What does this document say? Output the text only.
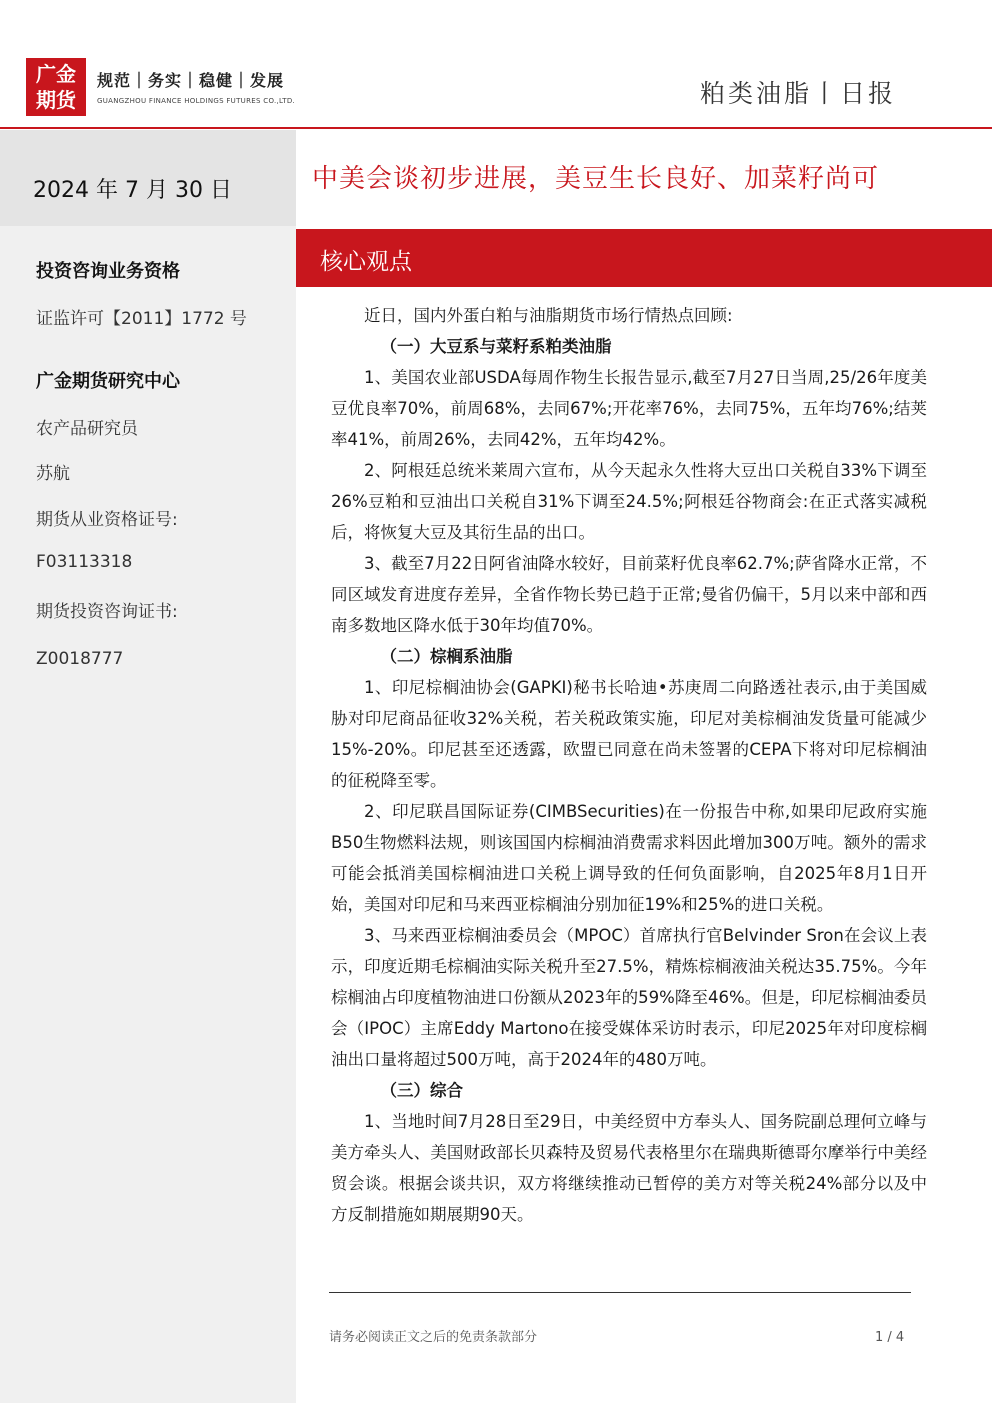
广金
期货
规范｜务实｜稳健｜发展
GUANGZHOU FINANCE HOLDINGS FUTURES CO.,LTD.	粕类油脂丨日报
2024 年 7 月 30 日
投资咨询业务资格
证监许可【2011】1772 号
广金期货研究中心
农产品研究员
苏航
期货从业资格证号:
F03113318
期货投资咨询证书:
Z0018777
中美会谈初步进展，美豆生长良好、加菜籽尚可
核心观点

近日，国内外蛋白粕与油脂期货市场行情热点回顾:

（一）大豆系与菜籽系粕类油脂

1、美国农业部USDA每周作物生长报告显示,截至7月27日当周,25/26年度美豆优良率70%，前周68%，去同67%;开花率76%，去同75%，五年均76%;结荚率41%，前周26%，去同42%，五年均42%。

2、阿根廷总统米莱周六宣布，从今天起永久性将大豆出口关税自33%下调至26%豆粕和豆油出口关税自31%下调至24.5%;阿根廷谷物商会:在正式落实减税后，将恢复大豆及其衍生品的出口。

3、截至7月22日阿省油降水较好，目前菜籽优良率62.7%;萨省降水正常，不同区域发育进度存差异，全省作物长势已趋于正常;曼省仍偏干，5月以来中部和西南多数地区降水低于30年均值70%。

（二）棕榈系油脂

1、印尼棕榈油协会(GAPKI)秘书长哈迪•苏庚周二向路透社表示,由于美国威胁对印尼商品征收32%关税，若关税政策实施，印尼对美棕榈油发货量可能减少15%-20%。印尼甚至还透露，欧盟已同意在尚未签署的CEPA下将对印尼棕榈油的征税降至零。

2、印尼联昌国际证券(CIMBSecurities)在一份报告中称,如果印尼政府实施B50生物燃料法规，则该国国内棕榈油消费需求料因此增加300万吨。额外的需求可能会抵消美国棕榈油进口关税上调导致的任何负面影响，自2025年8月1日开始，美国对印尼和马来西亚棕榈油分别加征19%和25%的进口关税。

3、马来西亚棕榈油委员会（MPOC）首席执行官Belvinder Sron在会议上表示，印度近期毛棕榈油实际关税升至27.5%，精炼棕榈液油关税达35.75%。今年棕榈油占印度植物油进口份额从2023年的59%降至46%。但是，印尼棕榈油委员会（IPOC）主席Eddy Martono在接受媒体采访时表示，印尼2025年对印度棕榈油出口量将超过500万吨，高于2024年的480万吨。

（三）综合

1、当地时间7月28日至29日，中美经贸中方奉头人、国务院副总理何立峰与美方牵头人、美国财政部长贝森特及贸易代表格里尔在瑞典斯德哥尔摩举行中美经贸会谈。根据会谈共识，双方将继续推动已暂停的美方对等关税24%部分以及中方反制措施如期展期90天。

请务必阅读正文之后的免责条款部分	1 / 4
